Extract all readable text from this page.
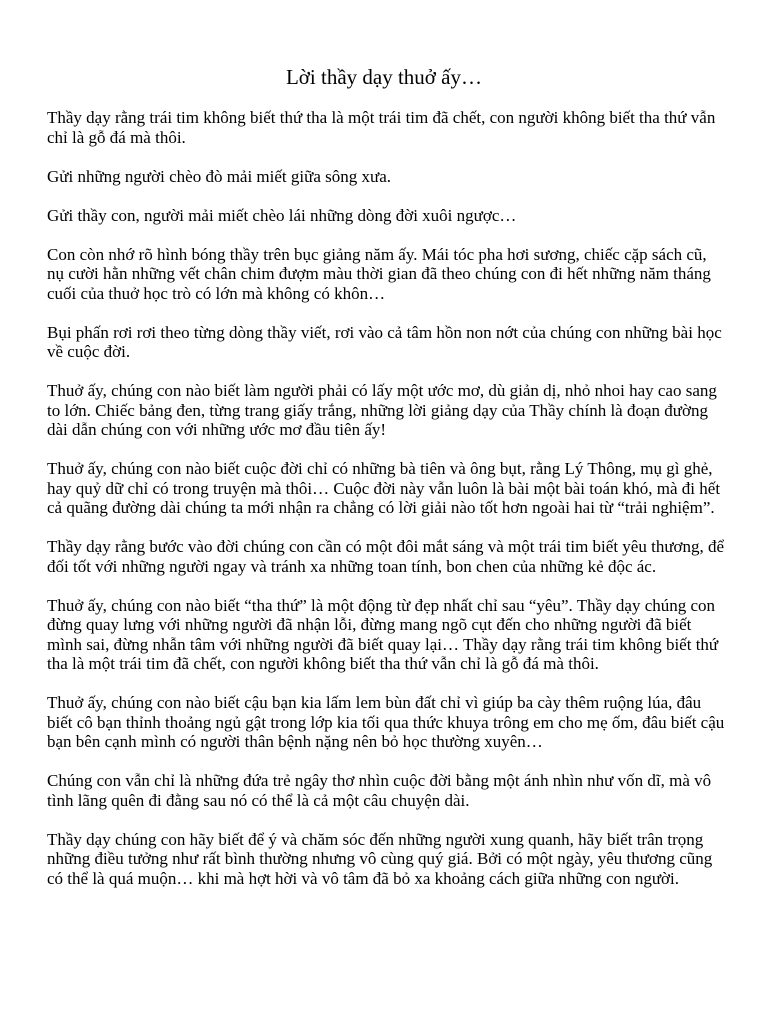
Lời thầy dạy thuở ấy…

Thầy dạy rằng trái tim không biết thứ tha là một trái tim đã chết, con người không biết tha thứ vẫn chỉ là gỗ đá mà thôi.

Gửi những người chèo đò mải miết giữa sông xưa.

Gửi thầy con, người mải miết chèo lái những dòng đời xuôi ngược…

Con còn nhớ rõ hình bóng thầy trên bục giảng năm ấy. Mái tóc pha hơi sương, chiếc cặp sách cũ, nụ cười hằn những vết chân chim đượm màu thời gian đã theo chúng con đi hết những năm tháng cuối của thuở học trò có lớn mà không có khôn…

Bụi phấn rơi rơi theo từng dòng thầy viết, rơi vào cả tâm hồn non nớt của chúng con những bài học về cuộc đời.

Thuở ấy, chúng con nào biết làm người phải có lấy một ước mơ, dù giản dị, nhỏ nhoi hay cao sang to lớn. Chiếc bảng đen, từng trang giấy trắng, những lời giảng dạy của Thầy chính là đoạn đường dài dẫn chúng con với những ước mơ đầu tiên ấy!

Thuở ấy, chúng con nào biết cuộc đời chỉ có những bà tiên và ông bụt, rằng Lý Thông, mụ gì ghẻ, hay quỷ dữ chỉ có trong truyện mà thôi… Cuộc đời này vẫn luôn là bài một bài toán khó, mà đi hết cả quãng đường dài chúng ta mới nhận ra chẳng có lời giải nào tốt hơn ngoài hai từ “trải nghiệm”.

Thầy dạy rằng bước vào đời chúng con cần có một đôi mắt sáng và một trái tim biết yêu thương, để đối tốt với những người ngay và tránh xa những toan tính, bon chen của những kẻ độc ác.

Thuở ấy, chúng con nào biết “tha thứ” là một động từ đẹp nhất chỉ sau “yêu”. Thầy dạy chúng con đừng quay lưng với những người đã nhận lỗi, đừng mang ngõ cụt đến cho những người đã biết mình sai, đừng nhẫn tâm với những người đã biết quay lại… Thầy dạy rằng trái tim không biết thứ tha là một trái tim đã chết, con người không biết tha thứ vẫn chỉ là gỗ đá mà thôi.

Thuở ấy, chúng con nào biết cậu bạn kia lấm lem bùn đất chỉ vì giúp ba cày thêm ruộng lúa, đâu biết cô bạn thỉnh thoảng ngủ gật trong lớp kia tối qua thức khuya trông em cho mẹ ốm, đâu biết cậu bạn bên cạnh mình có người thân bệnh nặng nên bỏ học thường xuyên…

Chúng con vẫn chỉ là những đứa trẻ ngây thơ nhìn cuộc đời bằng một ánh nhìn như vốn dĩ, mà vô tình lãng quên đi đằng sau nó có thể là cả một câu chuyện dài.

Thầy dạy chúng con hãy biết để ý và chăm sóc đến những người xung quanh, hãy biết trân trọng những điều tưởng như rất bình thường nhưng vô cùng quý giá. Bởi có một ngày, yêu thương cũng có thể là quá muộn… khi mà hợt hời và vô tâm đã bỏ xa khoảng cách giữa những con người.
